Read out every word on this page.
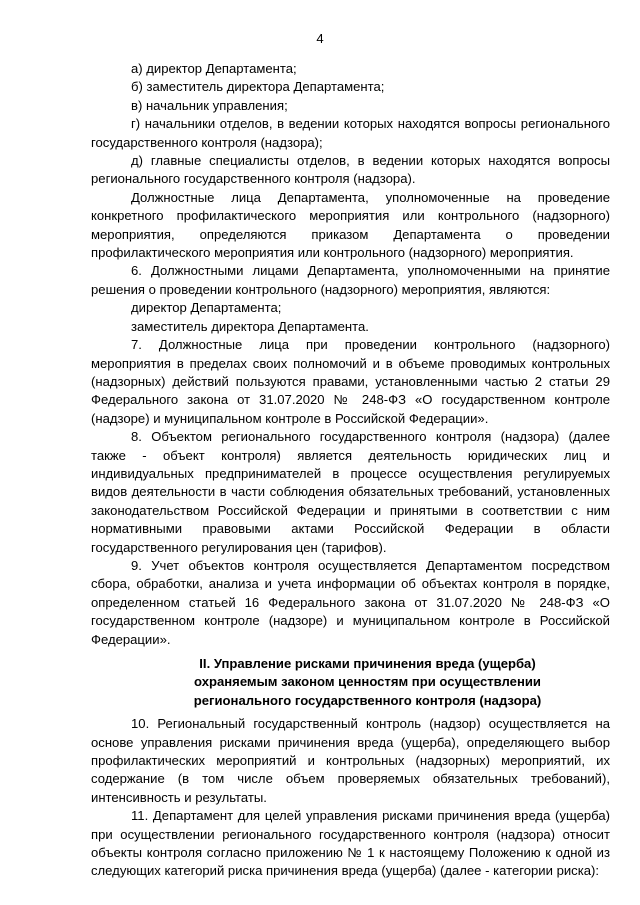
4

а) директор Департамента;

б) заместитель директора Департамента;

в) начальник управления;

г) начальники отделов, в ведении которых находятся вопросы регионального государственного контроля (надзора);

д) главные специалисты отделов, в ведении которых находятся вопросы регионального государственного контроля (надзора).

Должностные лица Департамента, уполномоченные на проведение конкретного профилактического мероприятия или контрольного (надзорного) мероприятия, определяются приказом Департамента о проведении профилактического мероприятия или контрольного (надзорного) мероприятия.

6. Должностными лицами Департамента, уполномоченными на принятие решения о проведении контрольного (надзорного) мероприятия, являются:

директор Департамента;

заместитель директора Департамента.

7. Должностные лица при проведении контрольного (надзорного) мероприятия в пределах своих полномочий и в объеме проводимых контрольных (надзорных) действий пользуются правами, установленными частью 2 статьи 29 Федерального закона от 31.07.2020 № 248-ФЗ «О государственном контроле (надзоре) и муниципальном контроле в Российской Федерации».

8. Объектом регионального государственного контроля (надзора) (далее также - объект контроля) является деятельность юридических лиц и индивидуальных предпринимателей в процессе осуществления регулируемых видов деятельности в части соблюдения обязательных требований, установленных законодательством Российской Федерации и принятыми в соответствии с ним нормативными правовыми актами Российской Федерации в области государственного регулирования цен (тарифов).

9. Учет объектов контроля осуществляется Департаментом посредством сбора, обработки, анализа и учета информации об объектах контроля в порядке, определенном статьей 16 Федерального закона от 31.07.2020 № 248-ФЗ «О государственном контроле (надзоре) и муниципальном контроле в Российской Федерации».

II. Управление рисками причинения вреда (ущерба)
охраняемым законом ценностям при осуществлении
регионального государственного контроля (надзора)

10. Региональный государственный контроль (надзор) осуществляется на основе управления рисками причинения вреда (ущерба), определяющего выбор профилактических мероприятий и контрольных (надзорных) мероприятий, их содержание (в том числе объем проверяемых обязательных требований), интенсивность и результаты.

11. Департамент для целей управления рисками причинения вреда (ущерба) при осуществлении регионального государственного контроля (надзора) относит объекты контроля согласно приложению № 1 к настоящему Положению к одной из следующих категорий риска причинения вреда (ущерба) (далее - категории риска):
